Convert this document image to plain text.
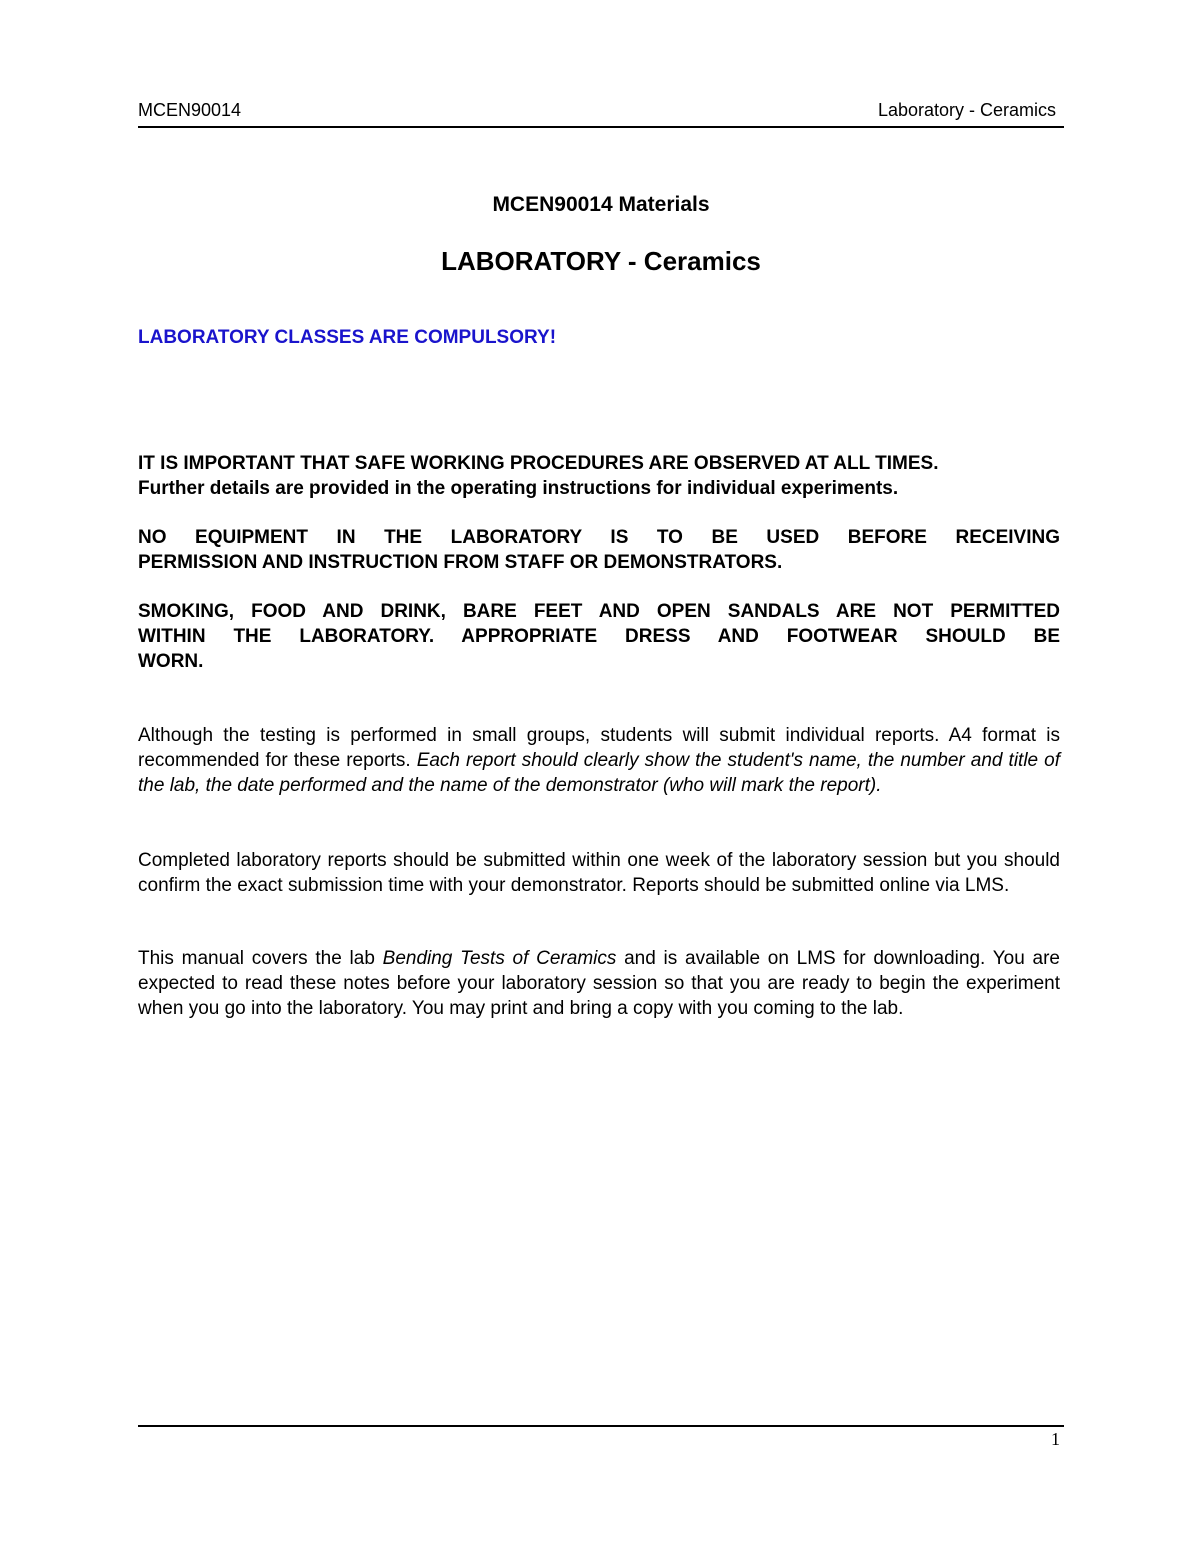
MCEN90014	Laboratory - Ceramics
MCEN90014 Materials
LABORATORY - Ceramics
LABORATORY CLASSES ARE COMPULSORY!
IT IS IMPORTANT THAT SAFE WORKING PROCEDURES ARE OBSERVED AT ALL TIMES.
Further details are provided in the operating instructions for individual experiments.
NO EQUIPMENT IN THE LABORATORY IS TO BE USED BEFORE RECEIVING
PERMISSION AND INSTRUCTION FROM STAFF OR DEMONSTRATORS.
SMOKING, FOOD AND DRINK, BARE FEET AND OPEN SANDALS ARE NOT PERMITTED
WITHIN THE LABORATORY. APPROPRIATE DRESS AND FOOTWEAR SHOULD BE
WORN.
Although the testing is performed in small groups, students will submit individual reports. A4 format is recommended for these reports. Each report should clearly show the student's name, the number and title of the lab, the date performed and the name of the demonstrator (who will mark the report).
Completed laboratory reports should be submitted within one week of the laboratory session but you should confirm the exact submission time with your demonstrator. Reports should be submitted online via LMS.
This manual covers the lab Bending Tests of Ceramics and is available on LMS for downloading. You are expected to read these notes before your laboratory session so that you are ready to begin the experiment when you go into the laboratory. You may print and bring a copy with you coming to the lab.
1
